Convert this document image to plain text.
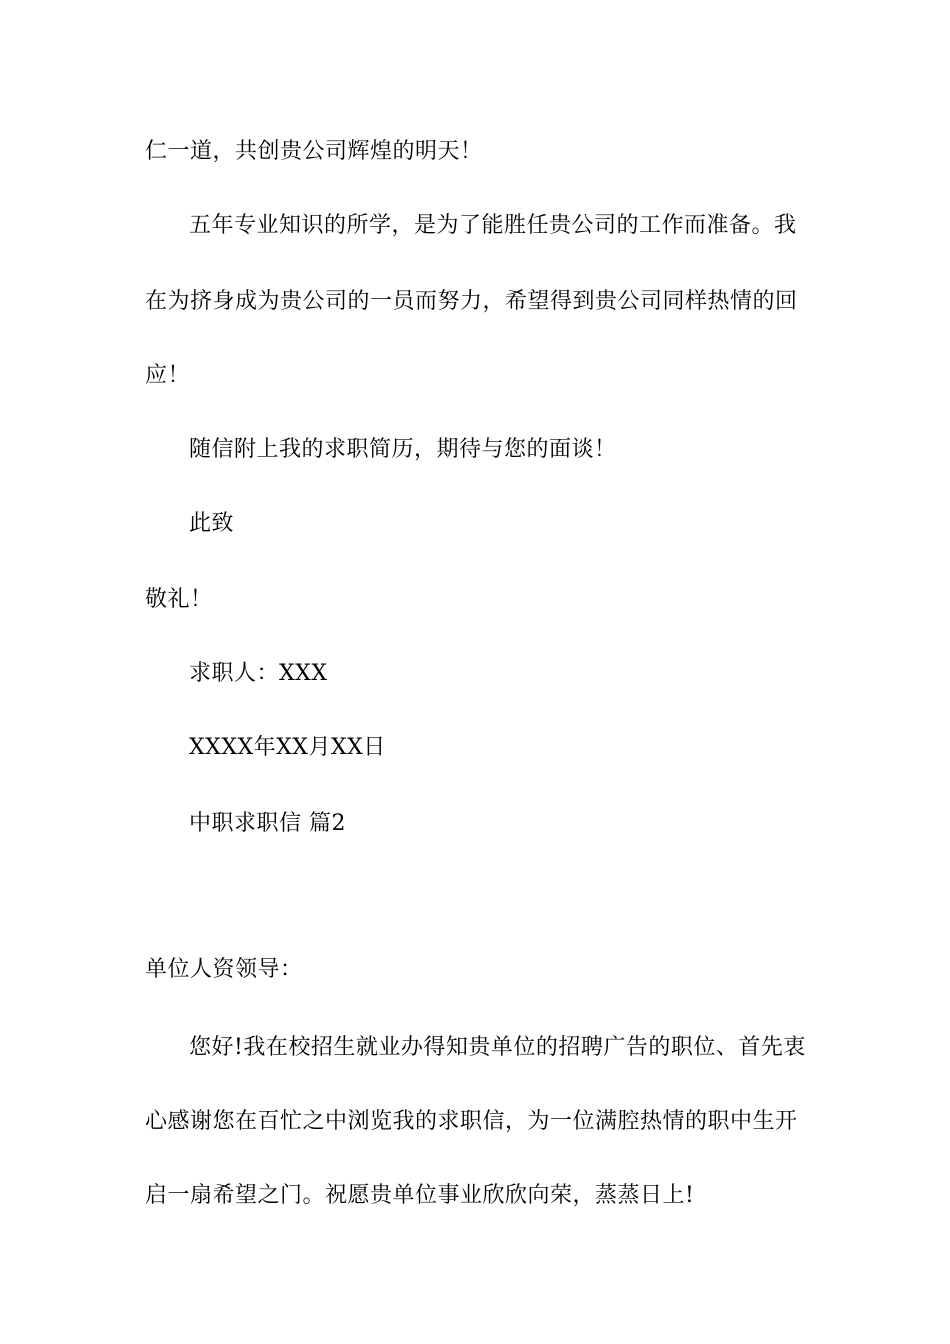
仁一道，共创贵公司辉煌的明天！
五年专业知识的所学，是为了能胜任贵公司的工作而准备。我
在为挤身成为贵公司的一员而努力，希望得到贵公司同样热情的回
应！
随信附上我的求职简历，期待与您的面谈！
此致
敬礼！
求职人：XXX
XXXX年XX月XX日
中职求职信 篇2
单位人资领导：
您好!我在校招生就业办得知贵单位的招聘广告的职位、首先衷
心感谢您在百忙之中浏览我的求职信，为一位满腔热情的职中生开
启一扇希望之门。祝愿贵单位事业欣欣向荣，蒸蒸日上!
